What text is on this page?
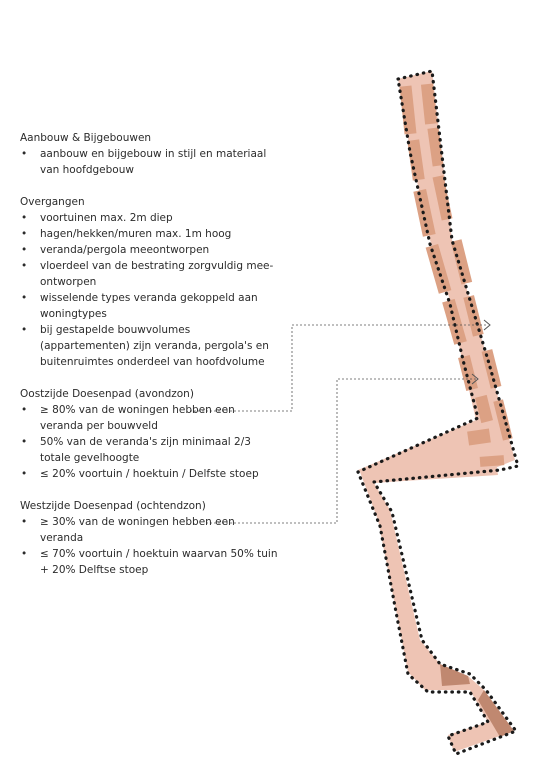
Aanbouw & Bijgebouwen
• aanbouw en bijgebouw in stijl en materiaal van hoofdgebouw
Overgangen
• voortuinen max. 2m diep
• hagen/hekken/muren max. 1m hoog
• veranda/pergola meeontworpen
• vloerdeel van de bestrating zorgvuldig mee-ontworpen
• wisselende types veranda gekoppeld aan woningtypes
• bij gestapelde bouwvolumes (appartementen) zijn veranda, pergola's en buitenruimtes onderdeel van hoofdvolume
Oostzijde Doesenpad (avondzon)
• ≥ 80% van de woningen hebben een veranda per bouwveld
• 50% van de veranda's zijn minimaal 2/3 totale gevelhoogte
• ≤ 20% voortuin / hoektuin / Delfste stoep
Westzijde Doesenpad (ochtendzon)
• ≥ 30% van de woningen hebben een veranda
• ≤ 70% voortuin / hoektuin waarvan 50% tuin + 20% Delftse stoep
